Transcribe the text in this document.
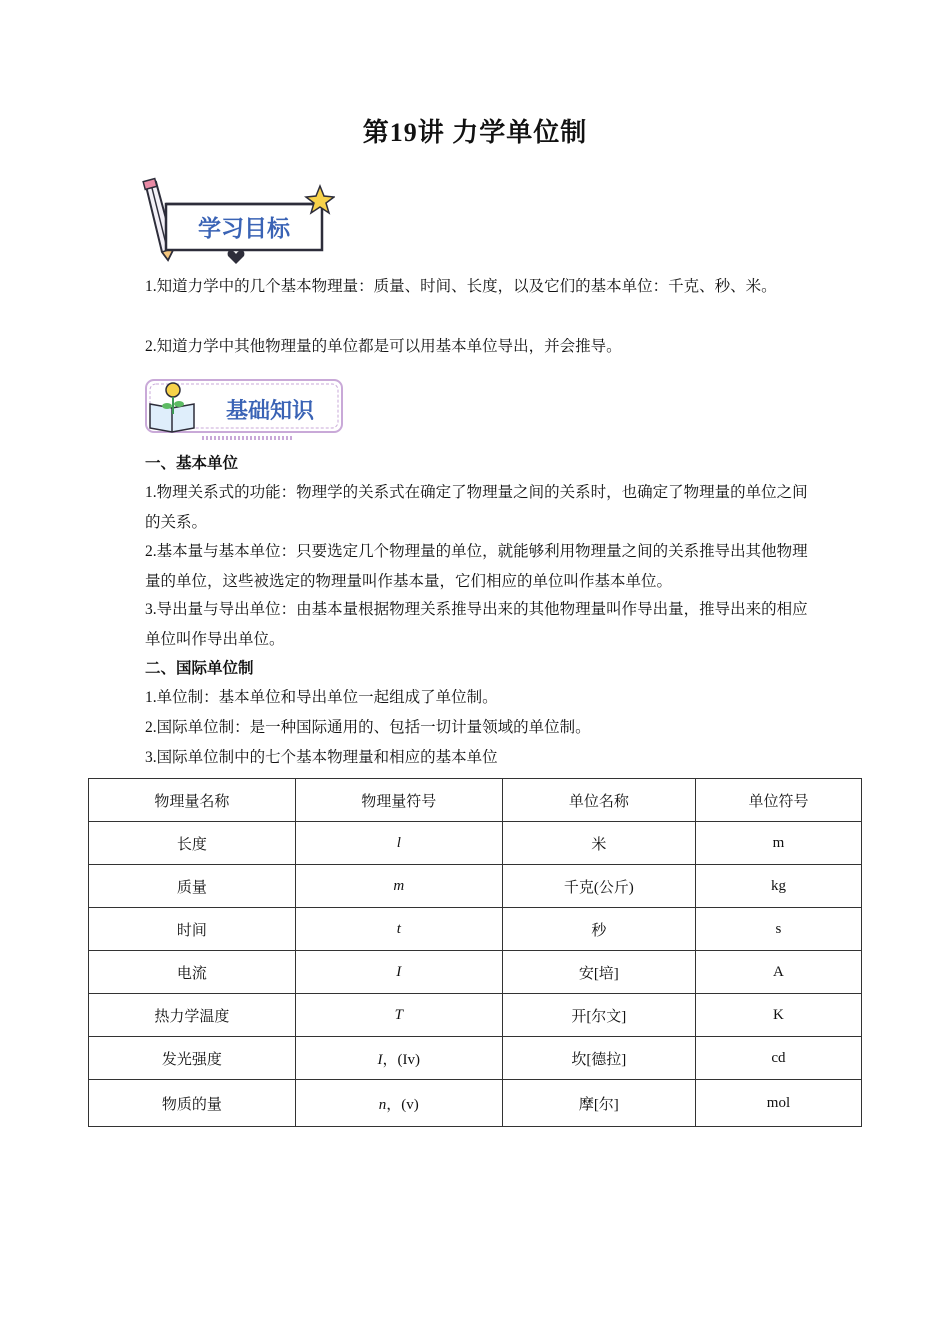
第19讲 力学单位制
学习目标

1.知道力学中的几个基本物理量：质量、时间、长度，以及它们的基本单位：千克、秒、米。

2.知道力学中其他物理量的单位都是可以用基本单位导出，并会推导。

基础知识

一、基本单位

1.物理关系式的功能：物理学的关系式在确定了物理量之间的关系时，也确定了物理量的单位之间的关系。

2.基本量与基本单位：只要选定几个物理量的单位，就能够利用物理量之间的关系推导出其他物理量的单位，这些被选定的物理量叫作基本量，它们相应的单位叫作基本单位。

3.导出量与导出单位：由基本量根据物理关系推导出来的其他物理量叫作导出量，推导出来的相应单位叫作导出单位。

二、国际单位制

1.单位制：基本单位和导出单位一起组成了单位制。

2.国际单位制：是一种国际通用的、包括一切计量领域的单位制。

3.国际单位制中的七个基本物理量和相应的基本单位

物理量名称	物理量符号	单位名称	单位符号
长度	l	米	m
质量	m	千克(公斤)	kg
时间	t	秒	s
电流	I	安[培]	A
热力学温度	T	开[尔文]	K
发光强度	I，(Iv)	坎[德拉]	cd
物质的量	n，(v)	摩[尔]	mol
